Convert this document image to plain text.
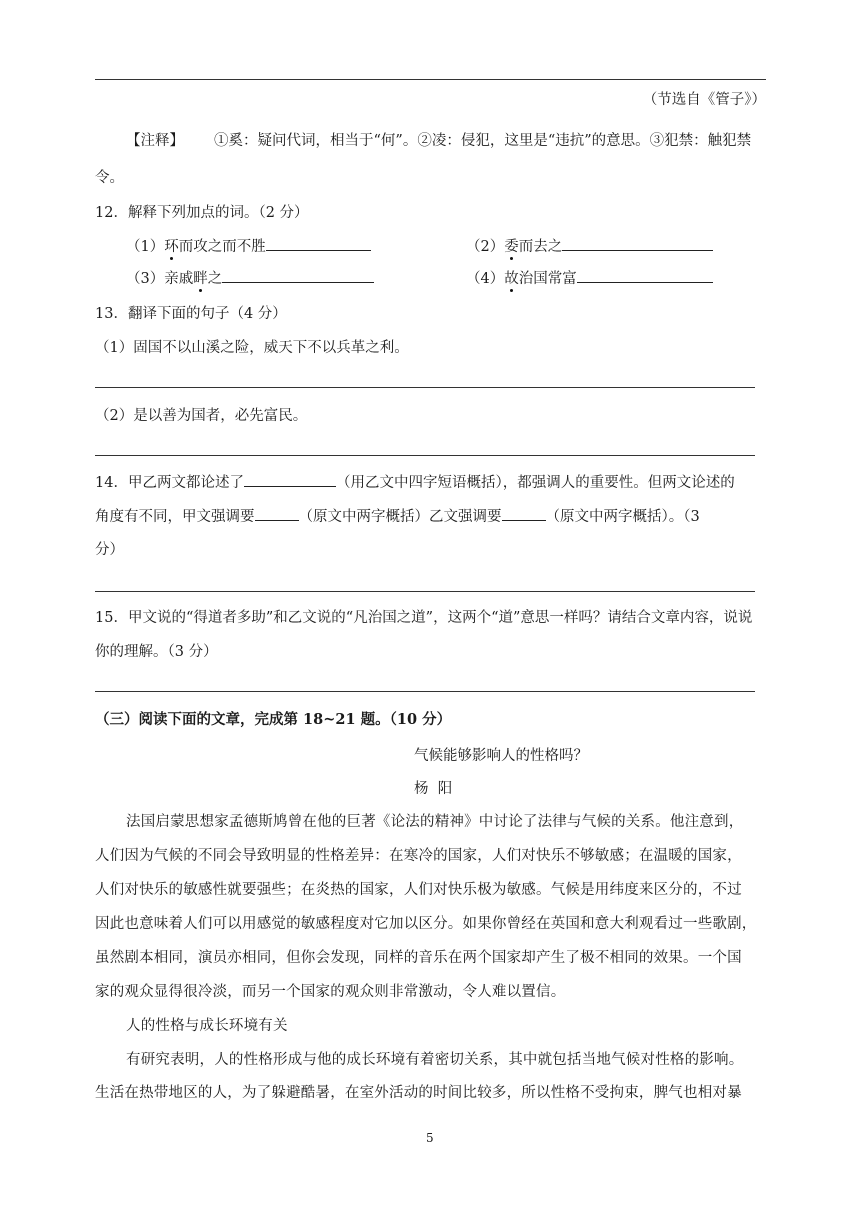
（节选自《管子》）
【注释】 ①奚：疑问代词，相当于“何”。②凌：侵犯，这里是“违抗”的意思。③犯禁：触犯禁
令。
12．解释下列加点的词。（2 分）
（1）环而攻之而不胜	（2）委而去之
（3）亲戚畔之	（4）故治国常富
13．翻译下面的句子（4 分）
（1）固国不以山溪之险，威天下不以兵革之利。
（2）是以善为国者，必先富民。
14．甲乙两文都论述了	（用乙文中四字短语概括），都强调人的重要性。但两文论述的
角度有不同，甲文强调要	（原文中两字概括）乙文强调要	（原文中两字概括）。（3
分）
15．甲文说的“得道者多助”和乙文说的“凡治国之道”，这两个“道”意思一样吗？请结合文章内容，说说
你的理解。（3 分）
（三）阅读下面的文章，完成第 18~21 题。（10 分）
气候能够影响人的性格吗？
杨  阳
法国启蒙思想家孟德斯鸠曾在他的巨著《论法的精神》中讨论了法律与气候的关系。他注意到，
人们因为气候的不同会导致明显的性格差异：在寒冷的国家，人们对快乐不够敏感；在温暖的国家，
人们对快乐的敏感性就要强些；在炎热的国家，人们对快乐极为敏感。气候是用纬度来区分的，不过
因此也意味着人们可以用感觉的敏感程度对它加以区分。如果你曾经在英国和意大利观看过一些歌剧，
虽然剧本相同，演员亦相同，但你会发现，同样的音乐在两个国家却产生了极不相同的效果。一个国
家的观众显得很冷淡，而另一个国家的观众则非常激动，令人难以置信。
人的性格与成长环境有关
有研究表明，人的性格形成与他的成长环境有着密切关系，其中就包括当地气候对性格的影响。
生活在热带地区的人，为了躲避酷暑，在室外活动的时间比较多，所以性格不受拘束，脾气也相对暴
5
